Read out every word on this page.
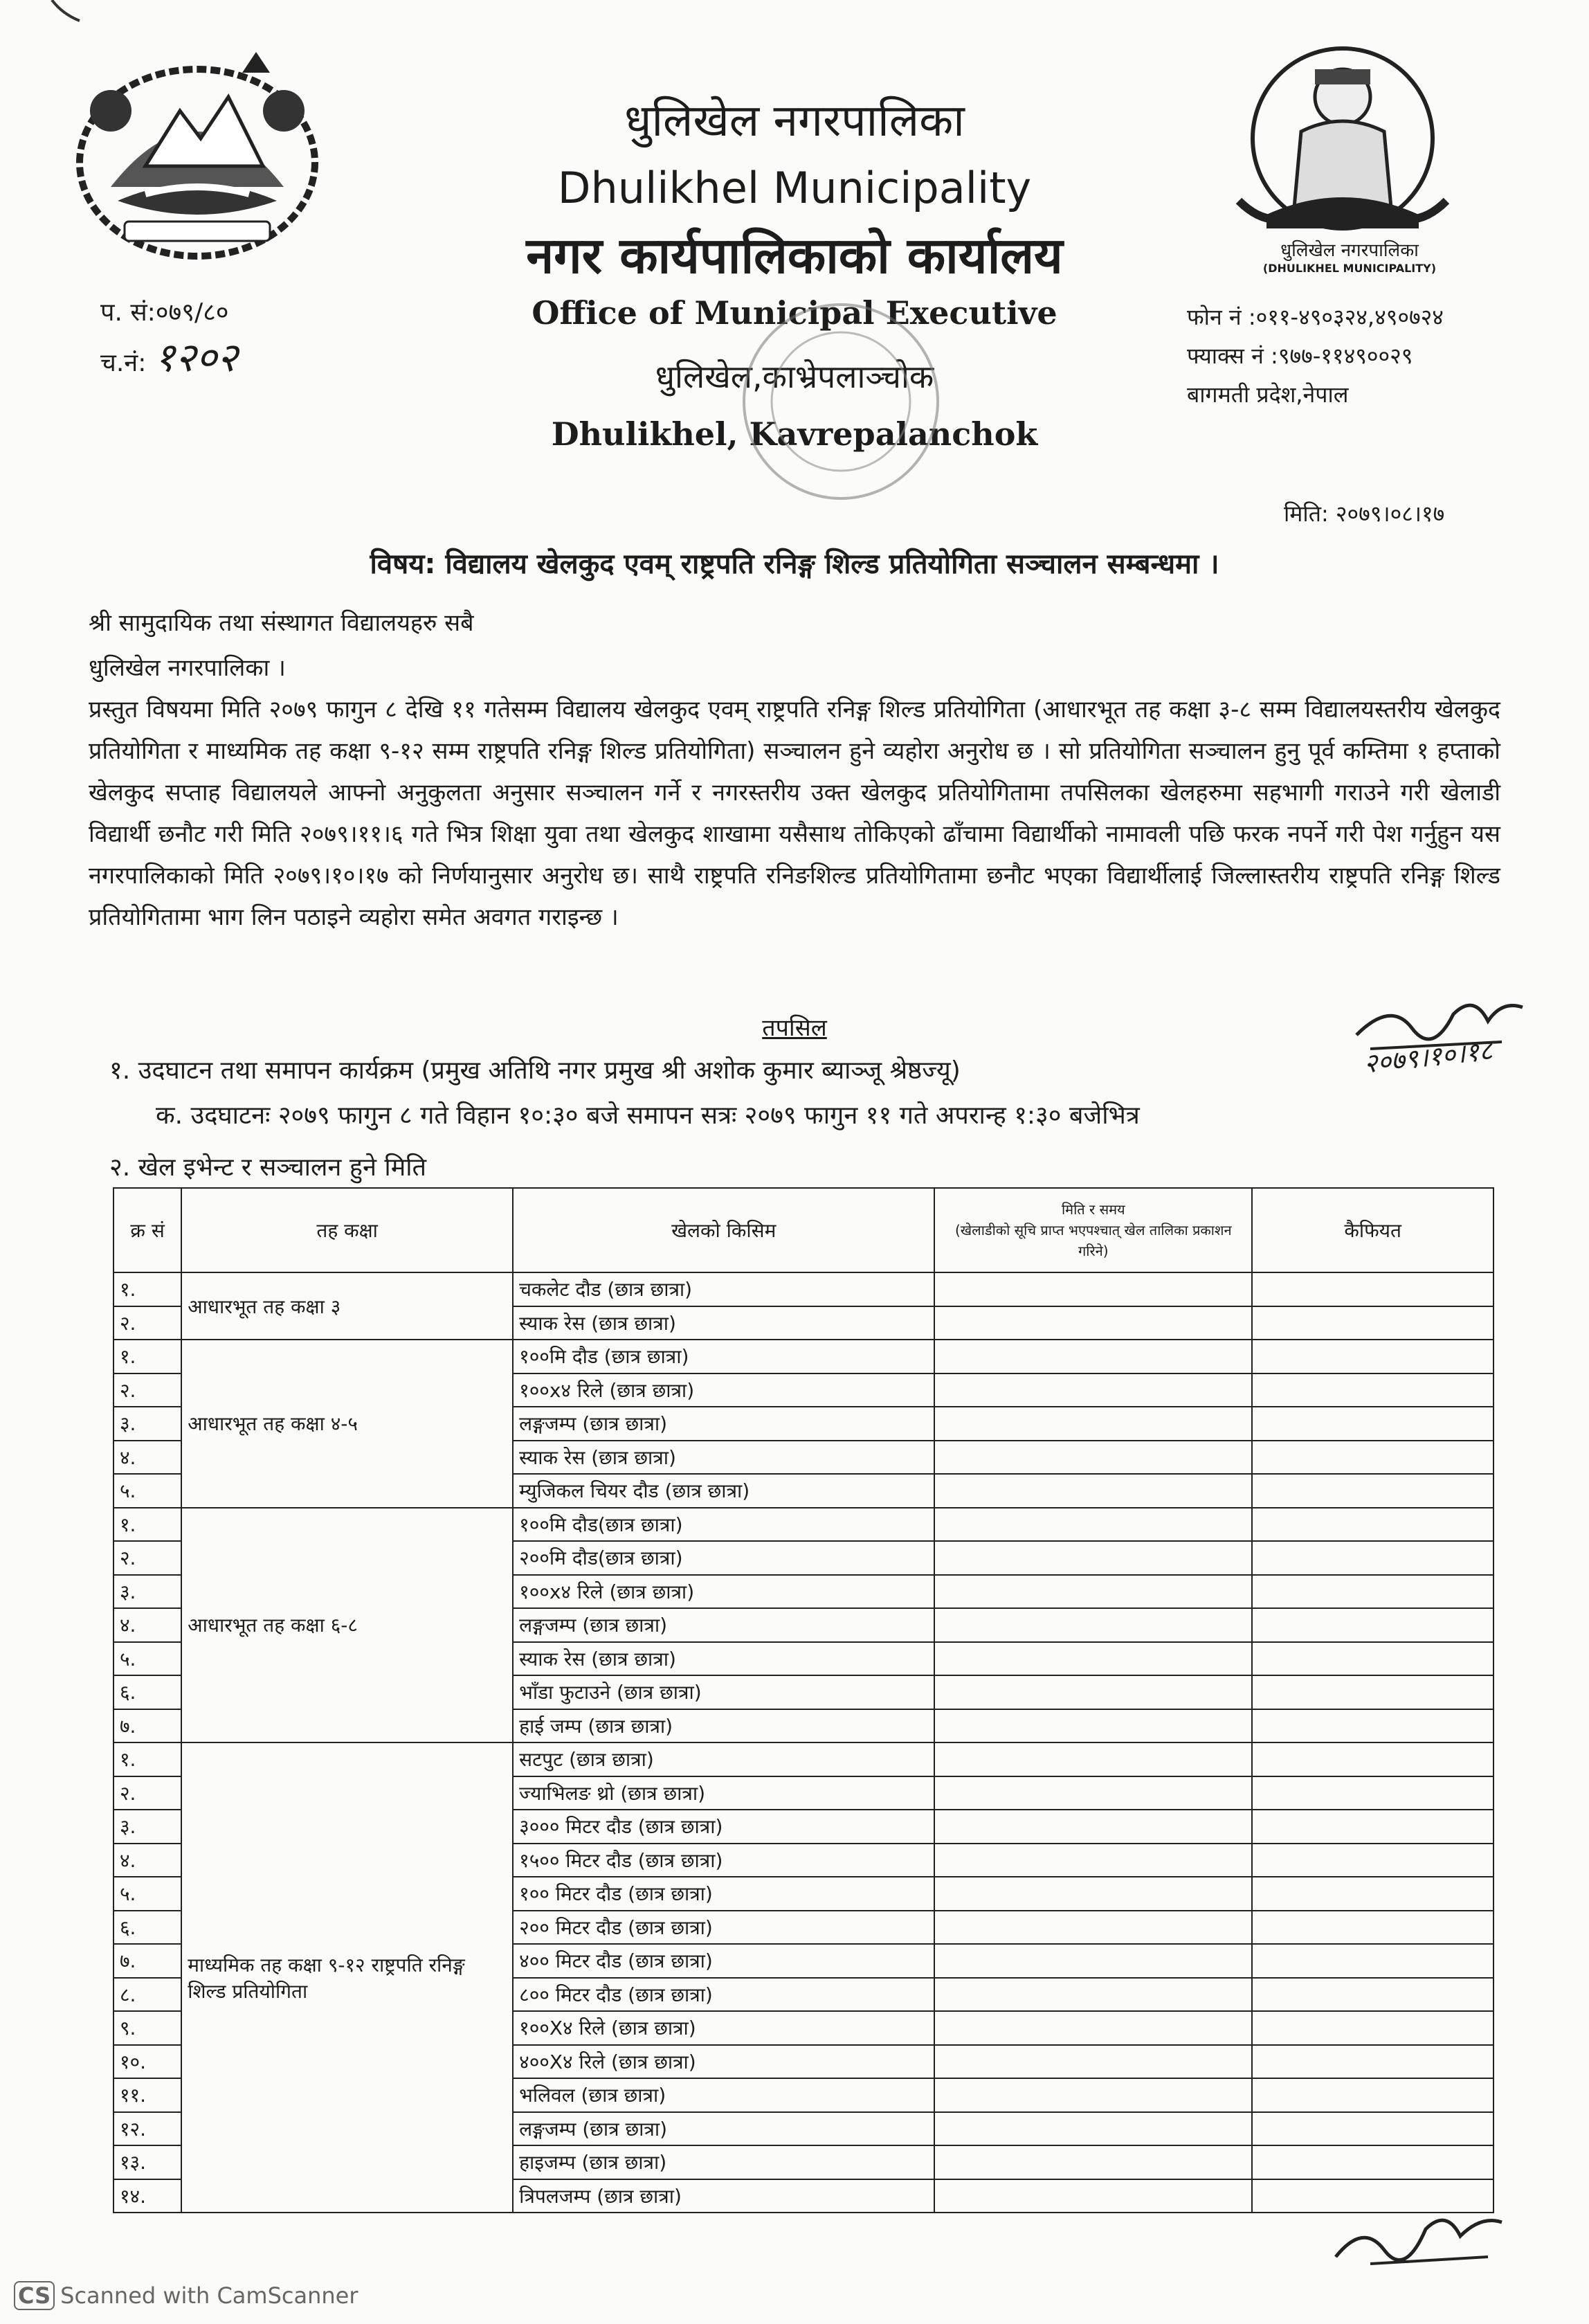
धुलिखेल नगरपालिका
(DHULIKHEL MUNICIPALITY)
धुलिखेल नगरपालिका
Dhulikhel Municipality
नगर कार्यपालिकाको कार्यालय
Office of Municipal Executive
धुलिखेल,काभ्रेपलाञ्चोक
Dhulikhel, Kavrepalanchok
प. सं:०७९/८०
च.नं: १२०२
फोन नं :०११-४९०३२४,४९०७२४
फ्याक्स नं :९७७-११४९००२९
बागमती प्रदेश,नेपाल
मिति: २०७९।०८।१७
विषय: विद्यालय खेलकुद एवम् राष्ट्रपति रनिङ्ग शिल्ड प्रतियोगिता सञ्चालन सम्बन्धमा ।
श्री सामुदायिक तथा संस्थागत विद्यालयहरु सबै
धुलिखेल नगरपालिका ।
प्रस्तुत विषयमा मिति २०७९ फागुन ८ देखि ११ गतेसम्म विद्यालय खेलकुद एवम् राष्ट्रपति रनिङ्ग शिल्ड प्रतियोगिता (आधारभूत तह कक्षा ३-८ सम्म विद्यालयस्तरीय खेलकुद प्रतियोगिता र माध्यमिक तह कक्षा ९-१२ सम्म राष्ट्रपति रनिङ्ग शिल्ड प्रतियोगिता) सञ्चालन हुने व्यहोरा अनुरोध छ । सो प्रतियोगिता सञ्चालन हुनु पूर्व कम्तिमा १ हप्ताको खेलकुद सप्ताह विद्यालयले आफ्नो अनुकुलता अनुसार सञ्चालन गर्ने र नगरस्तरीय उक्त खेलकुद प्रतियोगितामा तपसिलका खेलहरुमा सहभागी गराउने गरी खेलाडी विद्यार्थी छनौट गरी मिति २०७९।११।६ गते भित्र शिक्षा युवा तथा खेलकुद शाखामा यसैसाथ तोकिएको ढाँचामा विद्यार्थीको नामावली पछि फरक नपर्ने गरी पेश गर्नुहुन यस नगरपालिकाको मिति २०७९।१०।१७ को निर्णयानुसार अनुरोध छ। साथै राष्ट्रपति रनिङशिल्ड प्रतियोगितामा छनौट भएका विद्यार्थीलाई जिल्लास्तरीय राष्ट्रपति रनिङ्ग शिल्ड प्रतियोगितामा भाग लिन पठाइने व्यहोरा समेत अवगत गराइन्छ ।
तपसिल
२०७९।१०।१८
१. उदघाटन तथा समापन कार्यक्रम (प्रमुख अतिथि नगर प्रमुख श्री अशोक कुमार ब्याञ्जू श्रेष्ठज्यू)
क. उदघाटनः २०७९ फागुन ८ गते विहान १०:३० बजे समापन सत्रः २०७९ फागुन ११ गते अपरान्ह १:३० बजेभित्र
२. खेल इभेन्ट र सञ्चालन हुने मिति
क्र सं	तह कक्षा	खेलको किसिम	मिति र समय
(खेलाडीको सूचि प्राप्त भएपश्चात् खेल तालिका प्रकाशन गरिने)	कैफियत
१.	आधारभूत तह कक्षा ३	चकलेट दौड (छात्र छात्रा)		
२.		स्याक रेस (छात्र छात्रा)		
१.	आधारभूत तह कक्षा ४-५	१००मि दौड (छात्र छात्रा)		
२.		१००x४ रिले (छात्र छात्रा)		
३.		लङ्गजम्प (छात्र छात्रा)		
४.		स्याक रेस (छात्र छात्रा)		
५.		म्युजिकल चियर दौड (छात्र छात्रा)		
१.	आधारभूत तह कक्षा ६-८	१००मि दौड(छात्र छात्रा)		
२.		२००मि दौड(छात्र छात्रा)		
३.		१००x४ रिले (छात्र छात्रा)		
४.		लङ्गजम्प (छात्र छात्रा)		
५.		स्याक रेस (छात्र छात्रा)		
६.		भाँडा फुटाउने (छात्र छात्रा)		
७.		हाई जम्प (छात्र छात्रा)		
१.	माध्यमिक तह कक्षा ९-१२ राष्ट्रपति रनिङ्ग शिल्ड प्रतियोगिता	सटपुट (छात्र छात्रा)		
२.		ज्याभिलङ थ्रो (छात्र छात्रा)		
३.		३००० मिटर दौड (छात्र छात्रा)		
४.		१५०० मिटर दौड (छात्र छात्रा)		
५.		१०० मिटर दौड (छात्र छात्रा)		
६.		२०० मिटर दौड (छात्र छात्रा)		
७.		४०० मिटर दौड (छात्र छात्रा)		
८.		८०० मिटर दौड (छात्र छात्रा)		
९.		१००X४ रिले (छात्र छात्रा)		
१०.		४००X४ रिले (छात्र छात्रा)		
११.		भलिवल (छात्र छात्रा)		
१२.		लङ्गजम्प (छात्र छात्रा)		
१३.		हाइजम्प (छात्र छात्रा)		
१४.		त्रिपलजम्प (छात्र छात्रा)		
CS Scanned with CamScanner
